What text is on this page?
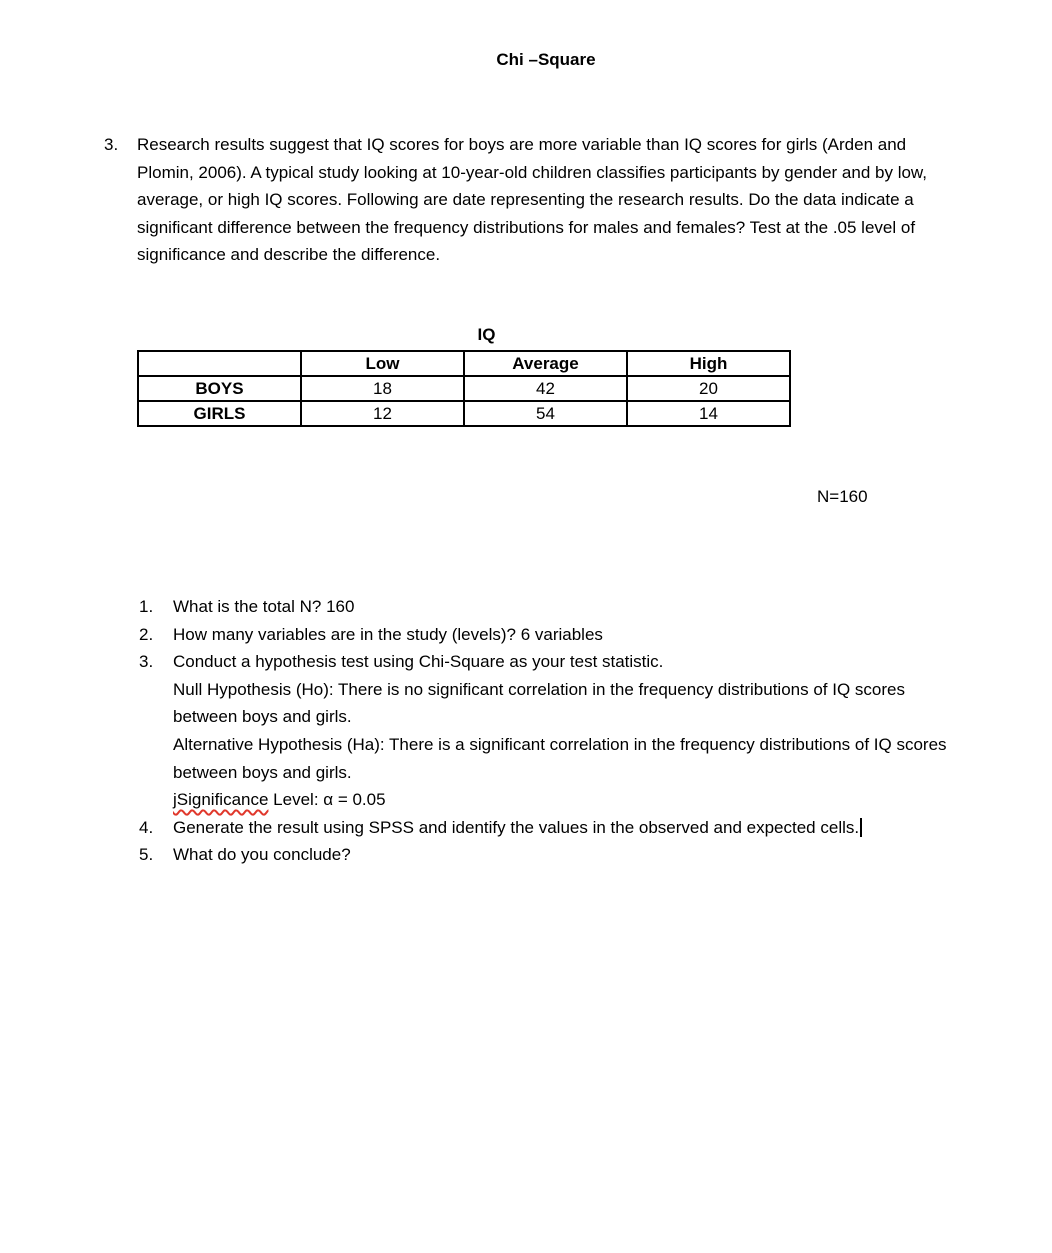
Chi –Square
3.	Research results suggest that IQ scores for boys are more variable than IQ scores for girls (Arden and Plomin, 2006). A typical study looking at 10-year-old children classifies participants by gender and by low, average, or high IQ scores. Following are date representing the research results. Do the data indicate a significant difference between the frequency distributions for males and females? Test at the .05 level of significance and describe the difference.
IQ
	Low	Average	High
BOYS	18	42	20
GIRLS	12	54	14
N=160
1.	What is the total N? 160
2.	How many variables are in the study (levels)? 6 variables
3.	Conduct a hypothesis test using Chi-Square as your test statistic.
Null Hypothesis (Ho): There is no significant correlation in the frequency distributions of IQ scores between boys and girls.
Alternative Hypothesis (Ha): There is a significant correlation in the frequency distributions of IQ scores between boys and girls.
jSignificance Level: α = 0.05
4.	Generate the result using SPSS and identify the values in the observed and expected cells.
5.	What do you conclude?
